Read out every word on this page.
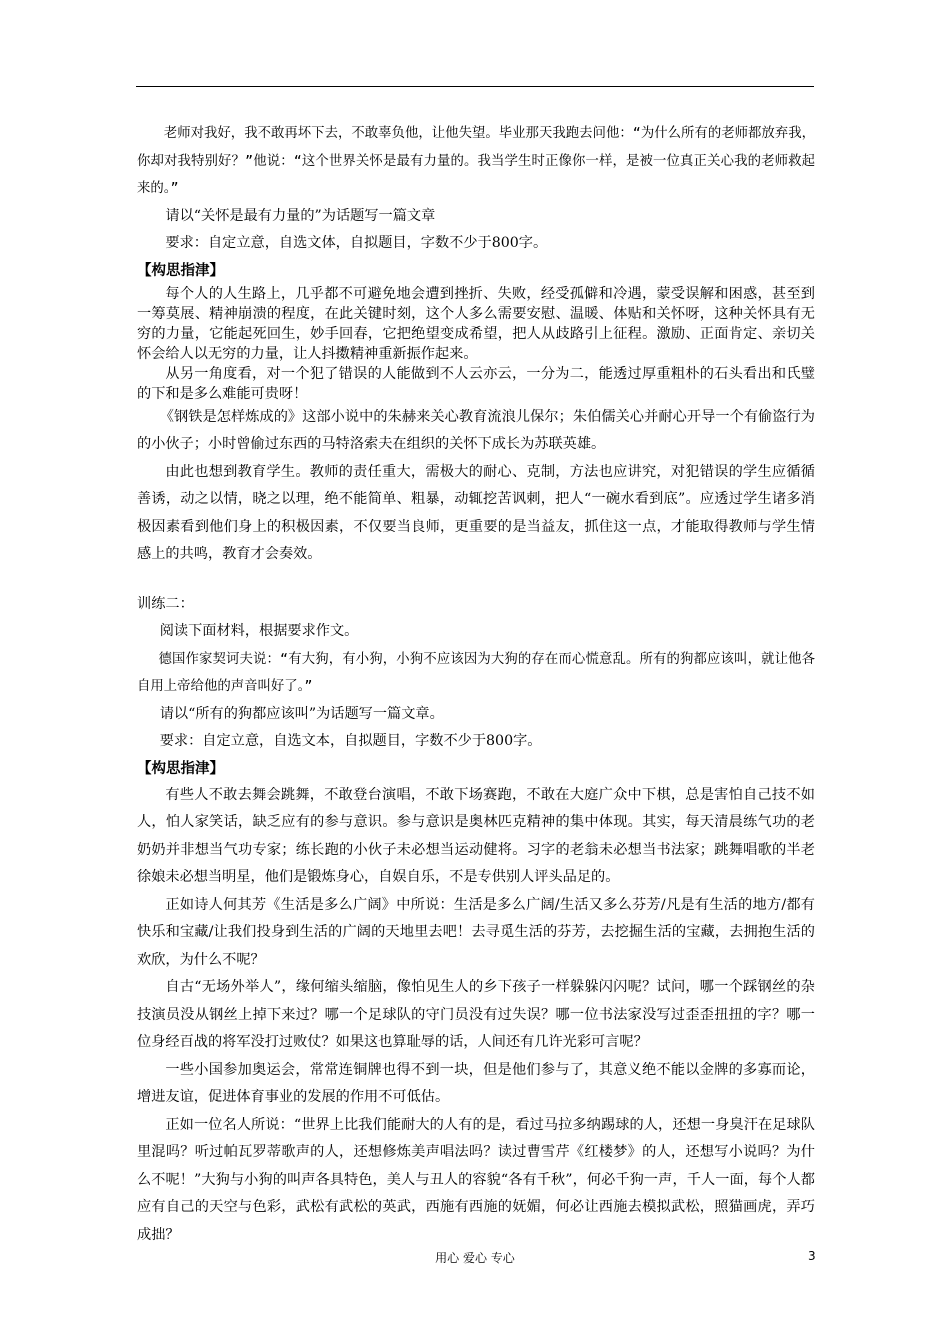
老师对我好，我不敢再坏下去，不敢辜负他，让他失望。毕业那天我跑去问他：“为什么所有的老师都放弃我，你却对我特别好？”他说：“这个世界关怀是最有力量的。我当学生时正像你一样，是被一位真正关心我的老师救起来的。”

请以“关怀是最有力量的”为话题写一篇文章

要求：自定立意，自选文体，自拟题目，字数不少于800字。

【构思指津】

每个人的人生路上，几乎都不可避免地会遭到挫折、失败，经受孤僻和冷遇，蒙受误解和困惑，甚至到一筹莫展、精神崩溃的程度，在此关键时刻，这个人多么需要安慰、温暖、体贴和关怀呀，这种关怀具有无穷的力量，它能起死回生，妙手回春，它把绝望变成希望，把人从歧路引上征程。激励、正面肯定、亲切关怀会给人以无穷的力量，让人抖擞精神重新振作起来。

从另一角度看，对一个犯了错误的人能做到不人云亦云，一分为二，能透过厚重粗朴的石头看出和氏璧的下和是多么难能可贵呀！

《钢铁是怎样炼成的》这部小说中的朱赫来关心教育流浪儿保尔；朱伯儒关心并耐心开导一个有偷盗行为的小伙子；小时曾偷过东西的马特洛索夫在组织的关怀下成长为苏联英雄。

由此也想到教育学生。教师的责任重大，需极大的耐心、克制，方法也应讲究，对犯错误的学生应循循善诱，动之以情，晓之以理，绝不能简单、粗暴，动辄挖苦讽刺，把人“一碗水看到底”。应透过学生诸多消极因素看到他们身上的积极因素，不仅要当良师，更重要的是当益友，抓住这一点，才能取得教师与学生情感上的共鸣，教育才会奏效。

训练二：

阅读下面材料，根据要求作文。

德国作家契诃夫说：“有大狗，有小狗，小狗不应该因为大狗的存在而心慌意乱。所有的狗都应该叫，就让他各自用上帝给他的声音叫好了。”

请以“所有的狗都应该叫”为话题写一篇文章。

要求：自定立意，自选文本，自拟题目，字数不少于800字。

【构思指津】

有些人不敢去舞会跳舞，不敢登台演唱，不敢下场赛跑，不敢在大庭广众中下棋，总是害怕自己技不如人，怕人家笑话，缺乏应有的参与意识。参与意识是奥林匹克精神的集中体现。其实，每天清晨练气功的老奶奶并非想当气功专家；练长跑的小伙子未必想当运动健将。习字的老翁未必想当书法家；跳舞唱歌的半老徐娘未必想当明星，他们是锻炼身心，自娱自乐，不是专供别人评头品足的。

正如诗人何其芳《生活是多么广阔》中所说：生活是多么广阔/生活又多么芬芳/凡是有生活的地方/都有快乐和宝藏/让我们投身到生活的广阔的天地里去吧！去寻觅生活的芬芳，去挖掘生活的宝藏，去拥抱生活的欢欣，为什么不呢？

自古“无场外举人”，缘何缩头缩脑，像怕见生人的乡下孩子一样躲躲闪闪呢？试问，哪一个踩钢丝的杂技演员没从钢丝上掉下来过？哪一个足球队的守门员没有过失误？哪一位书法家没写过歪歪扭扭的字？哪一位身经百战的将军没打过败仗？如果这也算耻辱的话，人间还有几许光彩可言呢？

一些小国参加奥运会，常常连铜牌也得不到一块，但是他们参与了，其意义绝不能以金牌的多寡而论，增进友谊，促进体育事业的发展的作用不可低估。

正如一位名人所说：“世界上比我们能耐大的人有的是，看过马拉多纳踢球的人，还想一身臭汗在足球队里混吗？听过帕瓦罗蒂歌声的人，还想修炼美声唱法吗？读过曹雪芹《红楼梦》的人，还想写小说吗？为什么不呢！”大狗与小狗的叫声各具特色，美人与丑人的容貌“各有千秋”，何必千狗一声，千人一面，每个人都应有自己的天空与色彩，武松有武松的英武，西施有西施的妩媚，何必让西施去模拟武松，照猫画虎，弄巧成拙？

用心 爱心 专心	3
